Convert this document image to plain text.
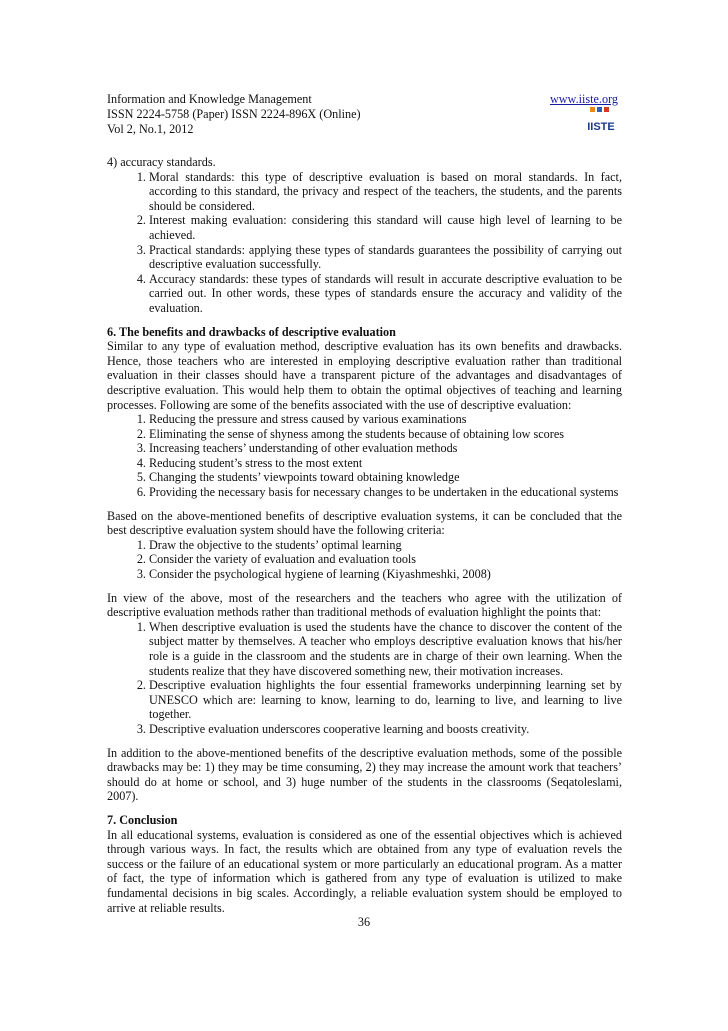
Information and Knowledge Management
ISSN 2224-5758 (Paper) ISSN 2224-896X (Online)
Vol 2, No.1, 2012
www.iiste.org
IISTE

4) accuracy standards.

1. Moral standards: this type of descriptive evaluation is based on moral standards. In fact, according to this standard, the privacy and respect of the teachers, the students, and the parents should be considered.
2. Interest making evaluation: considering this standard will cause high level of learning to be achieved.
3. Practical standards: applying these types of standards guarantees the possibility of carrying out descriptive evaluation successfully.
4. Accuracy standards: these types of standards will result in accurate descriptive evaluation to be carried out. In other words, these types of standards ensure the accuracy and validity of the evaluation.
6. The benefits and drawbacks of descriptive evaluation

Similar to any type of evaluation method, descriptive evaluation has its own benefits and drawbacks. Hence, those teachers who are interested in employing descriptive evaluation rather than traditional evaluation in their classes should have a transparent picture of the advantages and disadvantages of descriptive evaluation. This would help them to obtain the optimal objectives of teaching and learning processes. Following are some of the benefits associated with the use of descriptive evaluation:

1. Reducing the pressure and stress caused by various examinations
2. Eliminating the sense of shyness among the students because of obtaining low scores
3. Increasing teachers’ understanding of other evaluation methods
4. Reducing student’s stress to the most extent
5. Changing the students’ viewpoints toward obtaining knowledge
6. Providing the necessary basis for necessary changes to be undertaken in the educational systems

Based on the above-mentioned benefits of descriptive evaluation systems, it can be concluded that the best descriptive evaluation system should have the following criteria:

1. Draw the objective to the students’ optimal learning
2. Consider the variety of evaluation and evaluation tools
3. Consider the psychological hygiene of learning (Kiyashmeshki, 2008)

In view of the above, most of the researchers and the teachers who agree with the utilization of descriptive evaluation methods rather than traditional methods of evaluation highlight the points that:

1. When descriptive evaluation is used the students have the chance to discover the content of the subject matter by themselves. A teacher who employs descriptive evaluation knows that his/her role is a guide in the classroom and the students are in charge of their own learning. When the students realize that they have discovered something new, their motivation increases.
2. Descriptive evaluation highlights the four essential frameworks underpinning learning set by UNESCO which are: learning to know, learning to do, learning to live, and learning to live together.
3. Descriptive evaluation underscores cooperative learning and boosts creativity.

In addition to the above-mentioned benefits of the descriptive evaluation methods, some of the possible drawbacks may be: 1) they may be time consuming, 2) they may increase the amount work that teachers’ should do at home or school, and 3) huge number of the students in the classrooms (Seqatoleslami, 2007).

7. Conclusion

In all educational systems, evaluation is considered as one of the essential objectives which is achieved through various ways. In fact, the results which are obtained from any type of evaluation revels the success or the failure of an educational system or more particularly an educational program. As a matter of fact, the type of information which is gathered from any type of evaluation is utilized to make fundamental decisions in big scales. Accordingly, a reliable evaluation system should be employed to arrive at reliable results.

36
